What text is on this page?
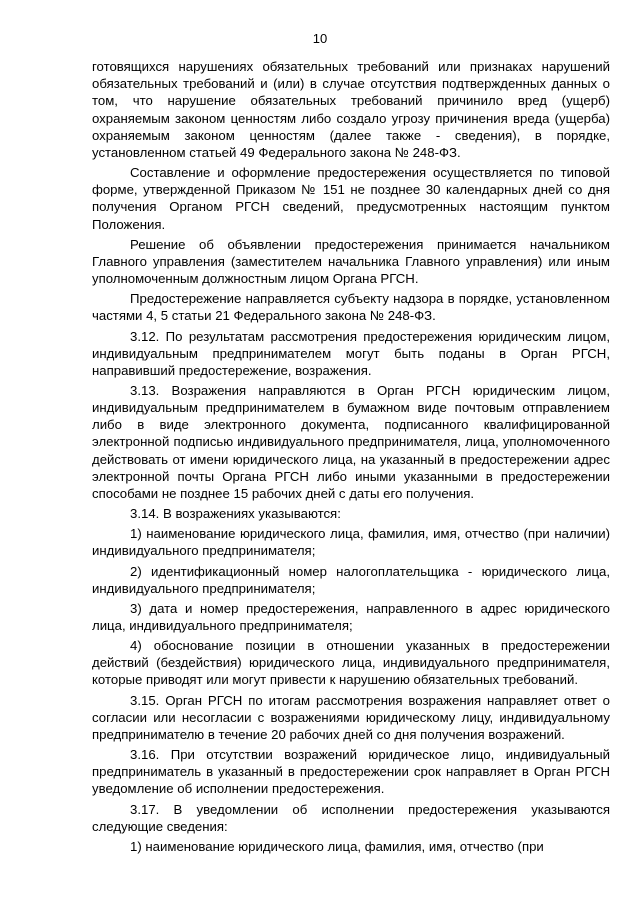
10

готовящихся нарушениях обязательных требований или признаках нарушений обязательных требований и (или) в случае отсутствия подтвержденных данных о том, что нарушение обязательных требований причинило вред (ущерб) охраняемым законом ценностям либо создало угрозу причинения вреда (ущерба) охраняемым законом ценностям (далее также - сведения), в порядке, установленном статьей 49 Федерального закона № 248-ФЗ.

Составление и оформление предостережения осуществляется по типовой форме, утвержденной Приказом № 151 не позднее 30 календарных дней со дня получения Органом РГСН сведений, предусмотренных настоящим пунктом Положения.

Решение об объявлении предостережения принимается начальником Главного управления (заместителем начальника Главного управления) или иным уполномоченным должностным лицом Органа РГСН.

Предостережение направляется субъекту надзора в порядке, установленном частями 4, 5 статьи 21 Федерального закона № 248-ФЗ.

3.12. По результатам рассмотрения предостережения юридическим лицом, индивидуальным предпринимателем могут быть поданы в Орган РГСН, направивший предостережение, возражения.

3.13. Возражения направляются в Орган РГСН юридическим лицом, индивидуальным предпринимателем в бумажном виде почтовым отправлением либо в виде электронного документа, подписанного квалифицированной электронной подписью индивидуального предпринимателя, лица, уполномоченного действовать от имени юридического лица, на указанный в предостережении адрес электронной почты Органа РГСН либо иными указанными в предостережении способами не позднее 15 рабочих дней с даты его получения.

3.14. В возражениях указываются:

1) наименование юридического лица, фамилия, имя, отчество (при наличии) индивидуального предпринимателя;

2) идентификационный номер налогоплательщика - юридического лица, индивидуального предпринимателя;

3) дата и номер предостережения, направленного в адрес юридического лица, индивидуального предпринимателя;

4) обоснование позиции в отношении указанных в предостережении действий (бездействия) юридического лица, индивидуального предпринимателя, которые приводят или могут привести к нарушению обязательных требований.

3.15. Орган РГСН по итогам рассмотрения возражения направляет ответ о согласии или несогласии с возражениями юридическому лицу, индивидуальному предпринимателю в течение 20 рабочих дней со дня получения возражений.

3.16. При отсутствии возражений юридическое лицо, индивидуальный предприниматель в указанный в предостережении срок направляет в Орган РГСН уведомление об исполнении предостережения.

3.17. В уведомлении об исполнении предостережения указываются следующие сведения:

1) наименование юридического лица, фамилия, имя, отчество (при
